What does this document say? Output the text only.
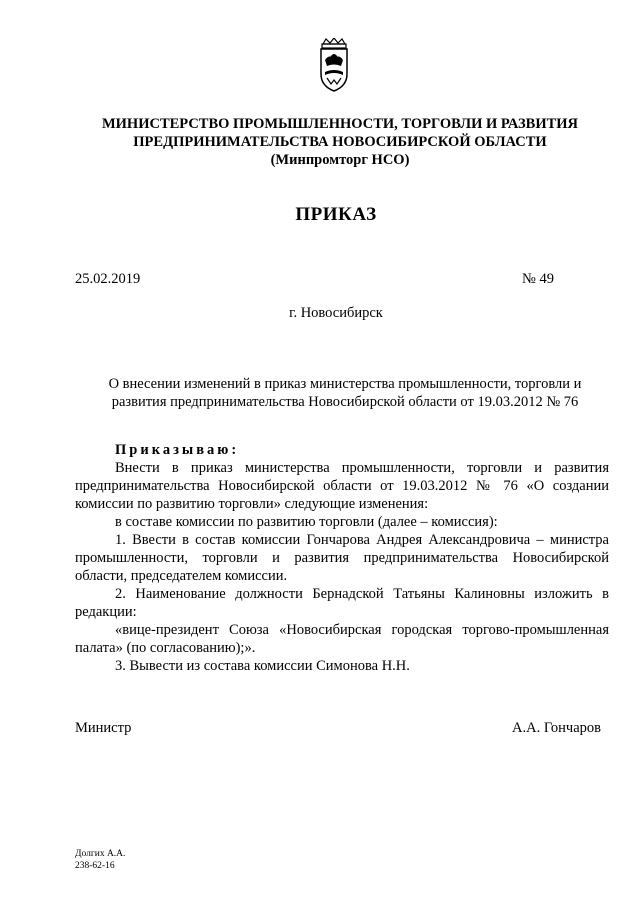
МИНИСТЕРСТВО ПРОМЫШЛЕННОСТИ, ТОРГОВЛИ И РАЗВИТИЯ
ПРЕДПРИНИМАТЕЛЬСТВА НОВОСИБИРСКОЙ ОБЛАСТИ
(Минпромторг НСО)
ПРИКАЗ
25.02.2019	№ 49
г. Новосибирск
О внесении изменений в приказ министерства промышленности, торговли и
развития предпринимательства Новосибирской области от 19.03.2012 № 76

Приказываю:

Внести в приказ министерства промышленности, торговли и развития предпринимательства Новосибирской области от 19.03.2012 № 76 «О создании комиссии по развитию торговли» следующие изменения:

в составе комиссии по развитию торговли (далее – комиссия):

1. Ввести в состав комиссии Гончарова Андрея Александровича – министра промышленности, торговли и развития предпринимательства Новосибирской области, председателем комиссии.

2. Наименование должности Бернадской Татьяны Калиновны изложить в редакции:

«вице-президент Союза «Новосибирская городская торгово-промышленная палата» (по согласованию);».

3. Вывести из состава комиссии Симонова Н.Н.

Министр	А.А. Гончаров
Долгих А.А.
238-62-16
